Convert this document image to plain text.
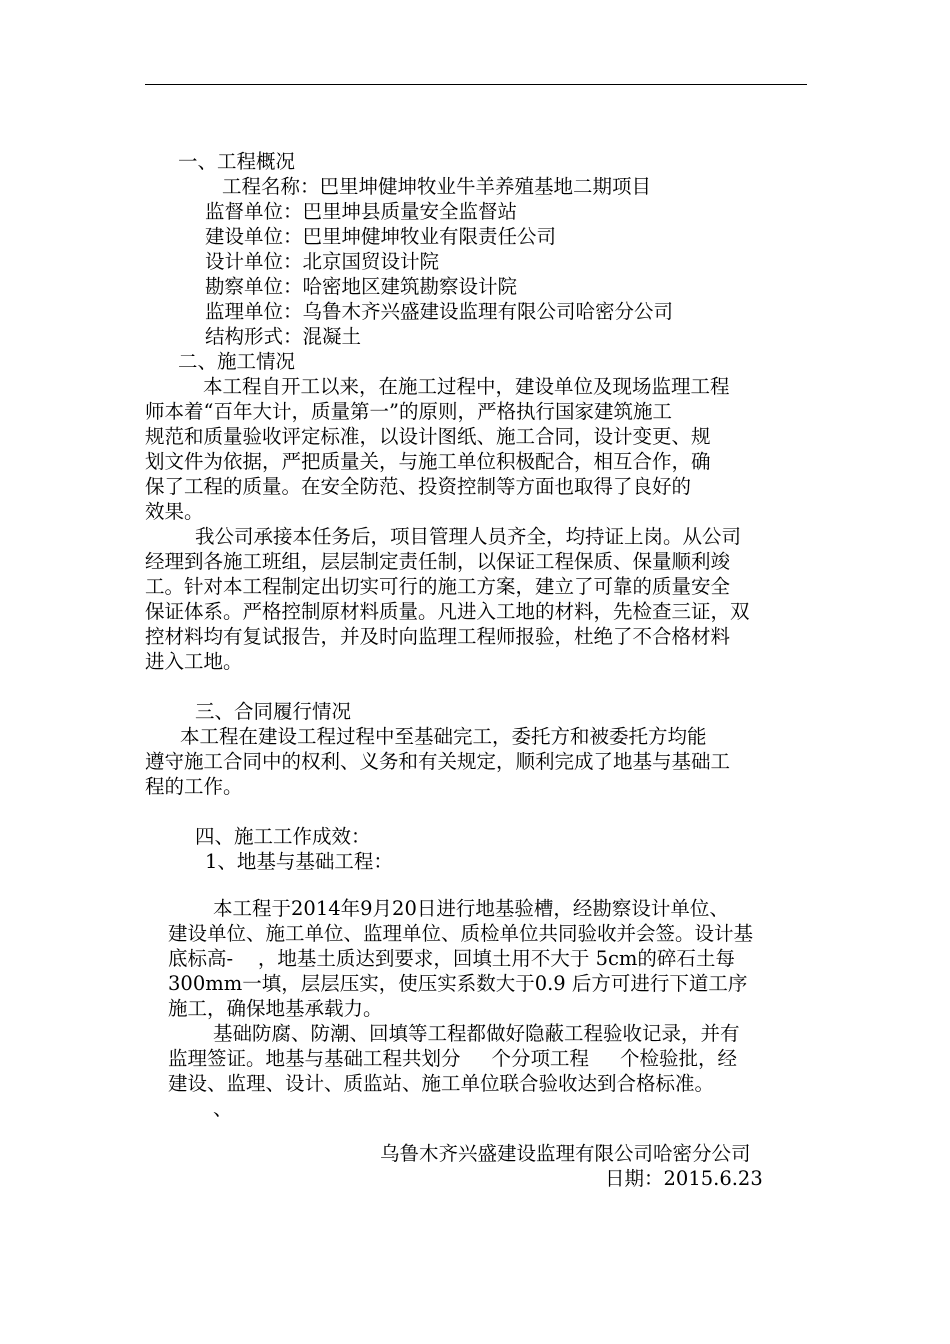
一、工程概况
工程名称：巴里坤健坤牧业牛羊养殖基地二期项目
监督单位：巴里坤县质量安全监督站
建设单位：巴里坤健坤牧业有限责任公司
设计单位：北京国贸设计院
勘察单位：哈密地区建筑勘察设计院
监理单位：乌鲁木齐兴盛建设监理有限公司哈密分公司
结构形式：混凝土
二、施工情况
本工程自开工以来，在施工过程中，建设单位及现场监理工程
师本着“百年大计，质量第一”的原则，严格执行国家建筑施工
规范和质量验收评定标准，以设计图纸、施工合同，设计变更、规
划文件为依据，严把质量关，与施工单位积极配合，相互合作，确
保了工程的质量。在安全防范、投资控制等方面也取得了良好的
效果。
我公司承接本任务后，项目管理人员齐全，均持证上岗。从公司
经理到各施工班组，层层制定责任制，以保证工程保质、保量顺利竣
工。针对本工程制定出切实可行的施工方案，建立了可靠的质量安全
保证体系。严格控制原材料质量。凡进入工地的材料，先检查三证，双
控材料均有复试报告，并及时向监理工程师报验，杜绝了不合格材料
进入工地。
三、合同履行情况
本工程在建设工程过程中至基础完工，委托方和被委托方均能
遵守施工合同中的权利、义务和有关规定，顺利完成了地基与基础工
程的工作。
四、施工工作成效：
1、地基与基础工程：
本工程于2014年9月20日进行地基验槽，经勘察设计单位、
建设单位、施工单位、监理单位、质检单位共同验收并会签。设计基
底标高-    ，地基土质达到要求，回填土用不大于 5cm的碎石土每
300mm一填，层层压实，使压实系数大于0.9 后方可进行下道工序
施工，确保地基承载力。
基础防腐、防潮、回填等工程都做好隐蔽工程验收记录，并有
监理签证。地基与基础工程共划分     个分项工程     个检验批，经
建设、监理、设计、质监站、施工单位联合验收达到合格标准。
、
乌鲁木齐兴盛建设监理有限公司哈密分公司
日期：2015.6.23
